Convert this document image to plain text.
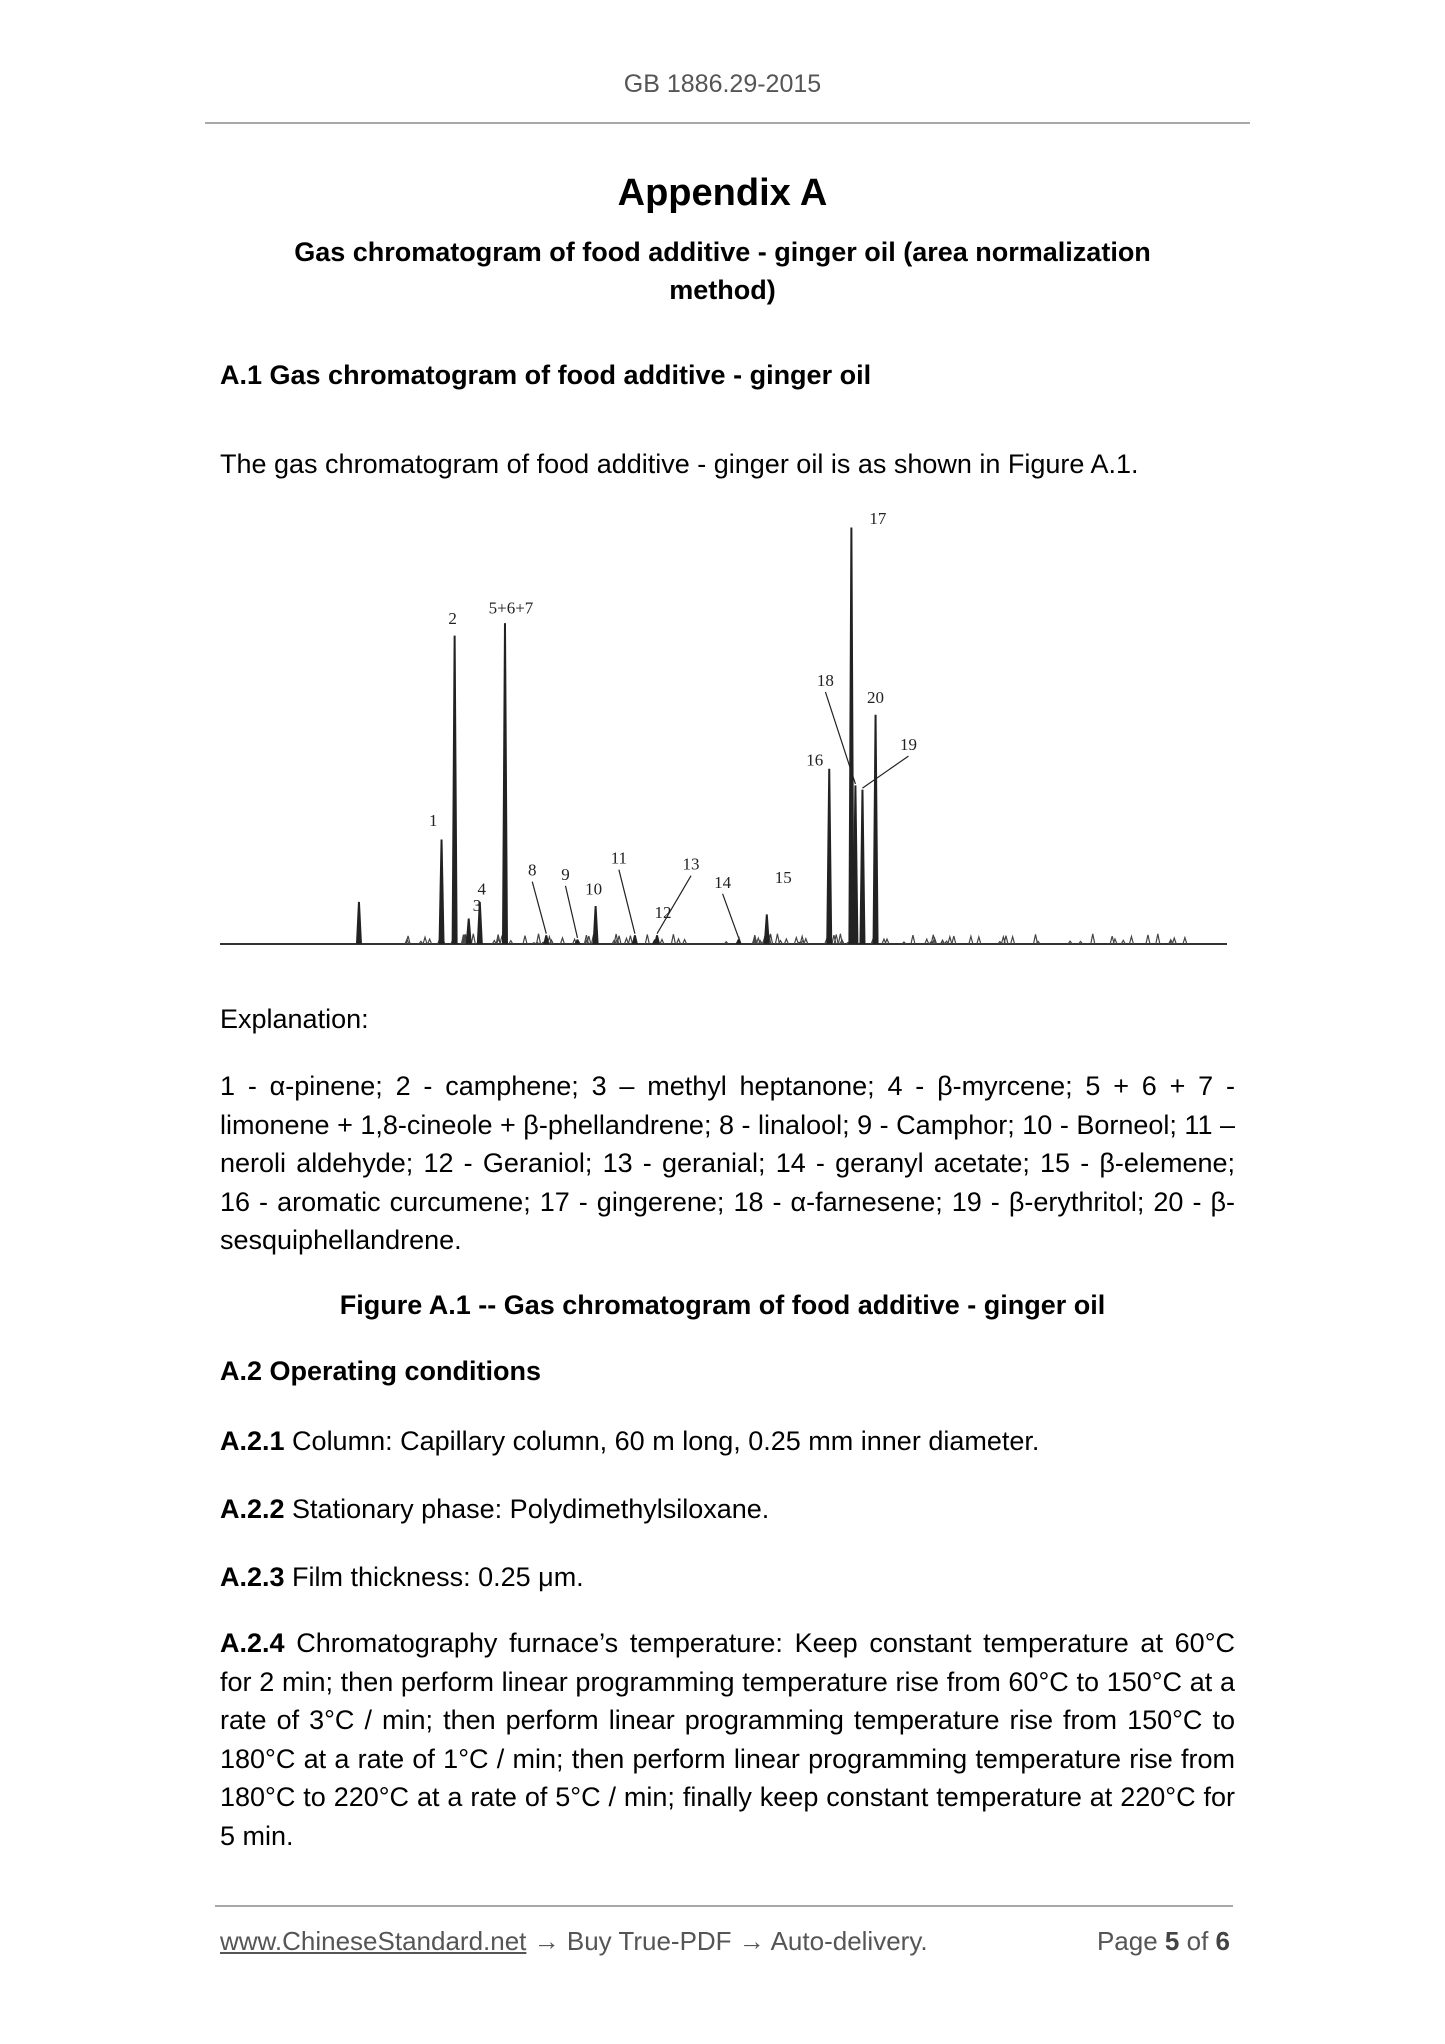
GB 1886.29-2015
Appendix A
Gas chromatogram of food additive - ginger oil (area normalization method)
A.1 Gas chromatogram of food additive - ginger oil
The gas chromatogram of food additive - ginger oil is as shown in Figure A.1.
1
2
3
4
5+6+7
8 9
10
11
12
13
14	15
16
17
18
19
20
Explanation:
1 - α-pinene; 2 - camphene; 3 – methyl heptanone; 4 - β-myrcene; 5 + 6 + 7 - limonene + 1,8-cineole + β-phellandrene; 8 - linalool; 9 - Camphor; 10 - Borneol; 11 – neroli aldehyde; 12 - Geraniol; 13 - geranial; 14 - geranyl acetate; 15 - β-elemene; 16 - aromatic curcumene; 17 - gingerene; 18 - α-farnesene; 19 - β-erythritol; 20 - β- sesquiphellandrene.
Figure A.1 -- Gas chromatogram of food additive - ginger oil
A.2 Operating conditions
A.2.1 Column: Capillary column, 60 m long, 0.25 mm inner diameter.
A.2.2 Stationary phase: Polydimethylsiloxane.
A.2.3 Film thickness: 0.25 μm.
A.2.4 Chromatography furnace’s temperature: Keep constant temperature at 60°C for 2 min; then perform linear programming temperature rise from 60°C to 150°C at a rate of 3°C / min; then perform linear programming temperature rise from 150°C to 180°C at a rate of 1°C / min; then perform linear programming temperature rise from 180°C to 220°C at a rate of 5°C / min; finally keep constant temperature at 220°C for 5 min.
www.ChineseStandard.net → Buy True-PDF → Auto-delivery.	Page 5 of 6
